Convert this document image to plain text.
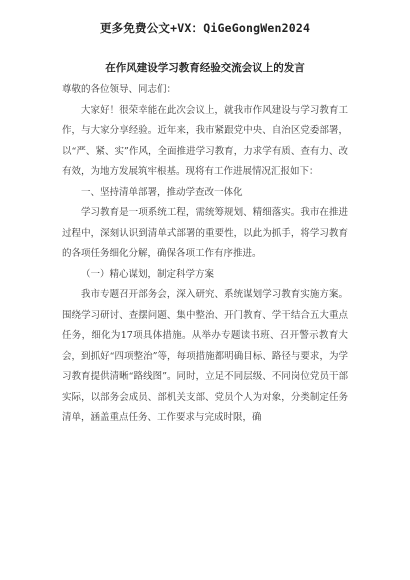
更多免费公文+VX：QiGeGongWen2024
在作风建设学习教育经验交流会议上的发言

尊敬的各位领导、同志们：

大家好！很荣幸能在此次会议上，就我市作风建设与学习教育工作，与大家分享经验。近年来，我市紧跟党中央、自治区党委部署，以“严、紧、实”作风，全面推进学习教育，力求学有质、查有力、改有效，为地方发展筑牢根基。现将有工作进展情况汇报如下：

一、坚持清单部署，推动学查改一体化

学习教育是一项系统工程，需统筹规划、精细落实。我市在推进过程中，深刻认识到清单式部署的重要性，以此为抓手，将学习教育的各项任务细化分解，确保各项工作有序推进。

（一）精心谋划，制定科学方案

我市专题召开部务会，深入研究、系统谋划学习教育实施方案。围绕学习研讨、查摆问题、集中整治、开门教育、学干结合五大重点任务，细化为17项具体措施。从举办专题读书班、召开警示教育大会，到抓好“四项整治”等，每项措施都明确目标、路径与要求，为学习教育提供清晰“路线图”。同时，立足不同层级、不同岗位党员干部实际，以部务会成员、部机关支部、党员个人为对象，分类制定任务清单，涵盖重点任务、工作要求与完成时限，确
